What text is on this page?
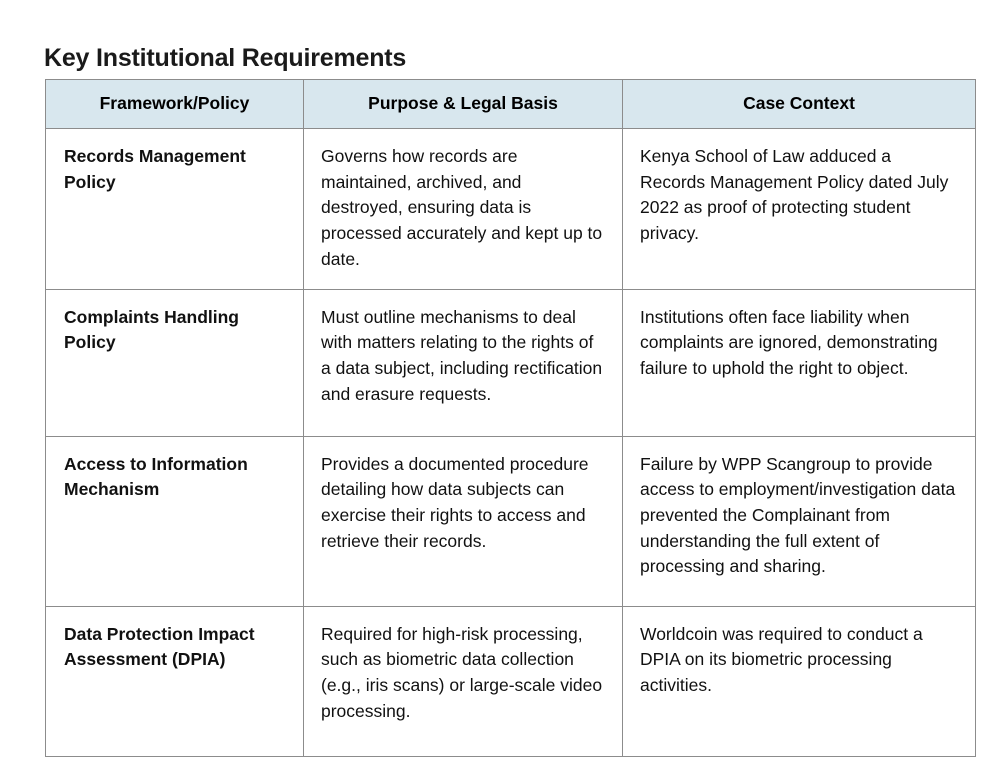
Key Institutional Requirements
Framework/Policy	Purpose & Legal Basis	Case Context
Records Management Policy	Governs how records are maintained, archived, and destroyed, ensuring data is processed accurately and kept up to date.	Kenya School of Law adduced a Records Management Policy dated July 2022 as proof of protecting student privacy.
Complaints Handling Policy	Must outline mechanisms to deal with matters relating to the rights of a data subject, including rectification and erasure requests.	Institutions often face liability when complaints are ignored, demonstrating failure to uphold the right to object.
Access to Information Mechanism	Provides a documented procedure detailing how data subjects can exercise their rights to access and retrieve their records.	Failure by WPP Scangroup to provide access to employment/investigation data prevented the Complainant from understanding the full extent of processing and sharing.
Data Protection Impact Assessment (DPIA)	Required for high-risk processing, such as biometric data collection (e.g., iris scans) or large-scale video processing.	Worldcoin was required to conduct a DPIA on its biometric processing activities.
